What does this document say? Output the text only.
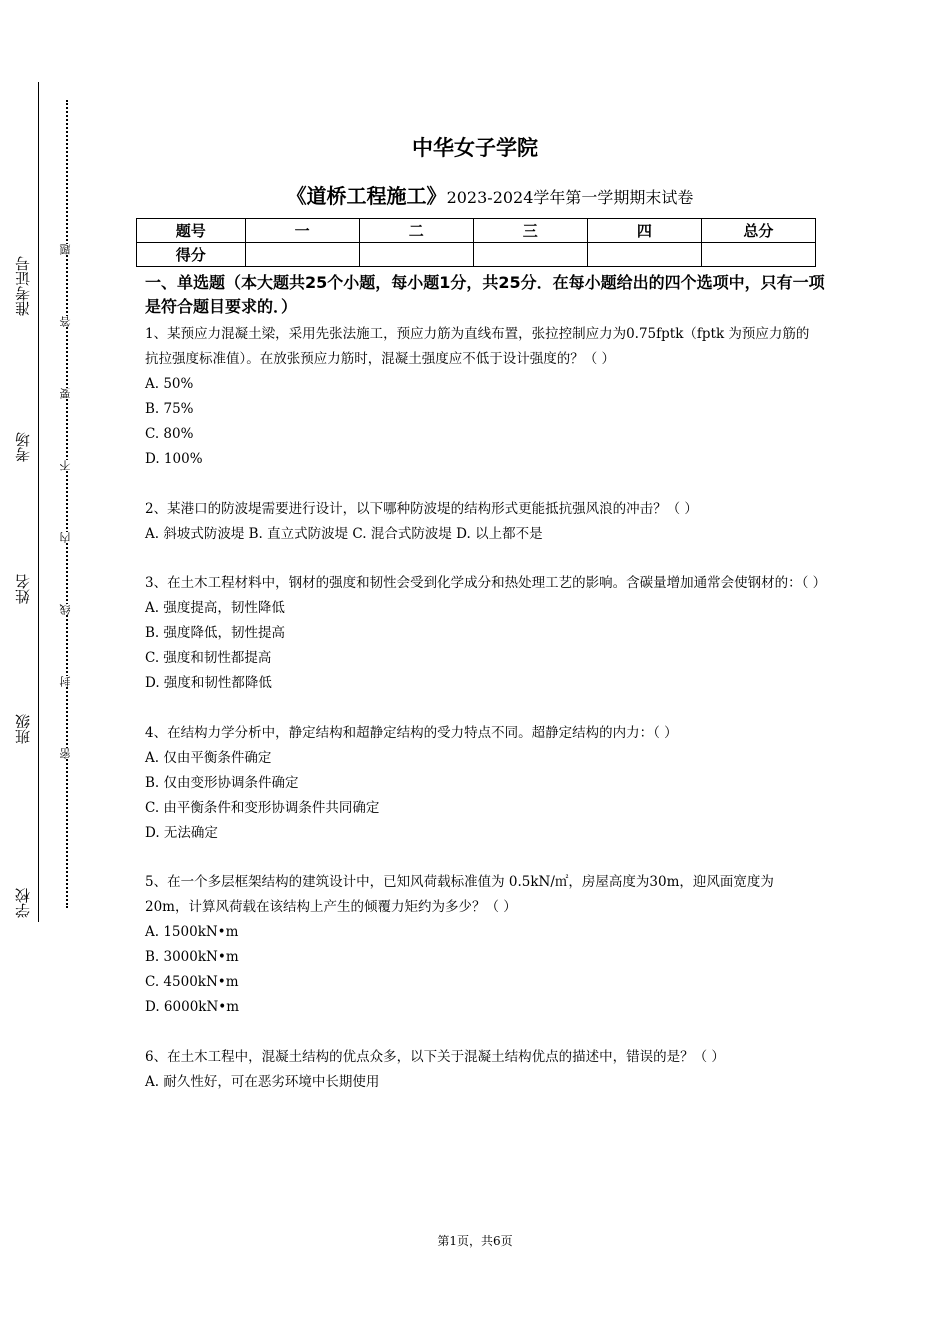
准考证号
考场
姓名
班级
学校
题
答
要
不
内
线
封
密
中华女子学院
《道桥工程施工》2023-2024学年第一学期期末试卷
题号	一	二	三	四	总分
得分					
一、单选题（本大题共25个小题，每小题1分，共25分．在每小题给出的四个选项中，只有一项是符合题目要求的．）

1、某预应力混凝土梁，采用先张法施工，预应力筋为直线布置，张拉控制应力为0.75fptk（fptk 为预应力筋的抗拉强度标准值）。在放张预应力筋时，混凝土强度应不低于设计强度的？（ ）

A. 50%

B. 75%

C. 80%

D. 100%

2、某港口的防波堤需要进行设计，以下哪种防波堤的结构形式更能抵抗强风浪的冲击？（ ）

A. 斜坡式防波堤 B. 直立式防波堤 C. 混合式防波堤 D. 以上都不是

3、在土木工程材料中，钢材的强度和韧性会受到化学成分和热处理工艺的影响。含碳量增加通常会使钢材的：（ ）

A. 强度提高，韧性降低

B. 强度降低，韧性提高

C. 强度和韧性都提高

D. 强度和韧性都降低

4、在结构力学分析中，静定结构和超静定结构的受力特点不同。超静定结构的内力：（ ）

A. 仅由平衡条件确定

B. 仅由变形协调条件确定

C. 由平衡条件和变形协调条件共同确定

D. 无法确定

5、在一个多层框架结构的建筑设计中，已知风荷载标准值为 0.5kN/㎡，房屋高度为30m，迎风面宽度为 20m，计算风荷载在该结构上产生的倾覆力矩约为多少？（ ）

A. 1500kN•m

B. 3000kN•m

C. 4500kN•m

D. 6000kN•m

6、在土木工程中，混凝土结构的优点众多，以下关于混凝土结构优点的描述中，错误的是？（ ）

A. 耐久性好，可在恶劣环境中长期使用

第1页，共6页
